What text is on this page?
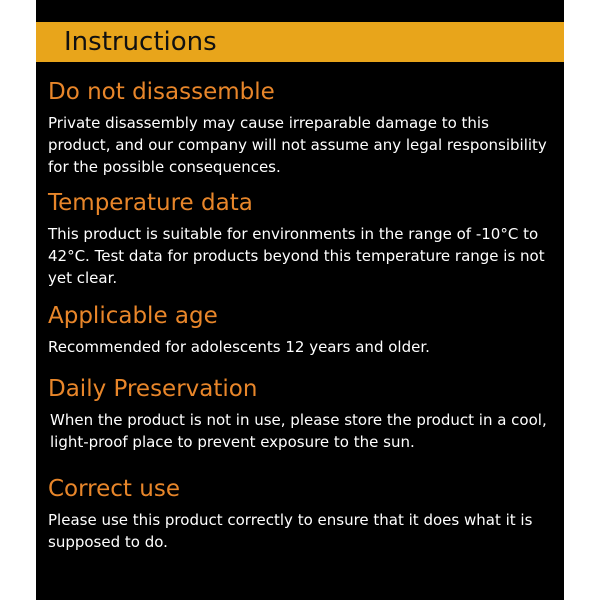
Instructions
Do not disassemble

Private disassembly may cause irreparable damage to this product, and our company will not assume any legal responsibility for the possible consequences.

Temperature data

This product is suitable for environments in the range of -10°C to 42°C. Test data for products beyond this temperature range is not yet clear.

Applicable age

Recommended for adolescents 12 years and older.

Daily Preservation

When the product is not in use, please store the product in a cool, light-proof place to prevent exposure to the sun.

Correct use

Please use this product correctly to ensure that it does what it is supposed to do.
